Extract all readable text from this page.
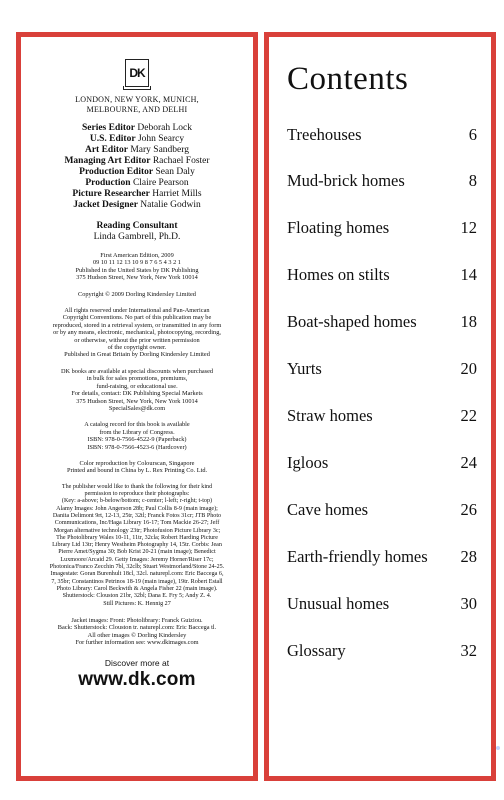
DK
LONDON, NEW YORK, MUNICH,
MELBOURNE, AND DELHI
Series Editor Deborah Lock
U.S. Editor John Searcy
Art Editor Mary Sandberg
Managing Art Editor Rachael Foster
Production Editor Sean Daly
Production Claire Pearson
Picture Researcher Harriet Mills
Jacket Designer Natalie Godwin
Reading Consultant
Linda Gambrell, Ph.D.
First American Edition, 2009
09 10 11 12 13 10 9 8 7 6 5 4 3 2 1
Published in the United States by DK Publishing
375 Hudson Street, New York, New York 10014
Copyright © 2009 Dorling Kindersley Limited
All rights reserved under International and Pan-American
Copyright Conventions. No part of this publication may be
reproduced, stored in a retrieval system, or transmitted in any form
or by any means, electronic, mechanical, photocopying, recording,
or otherwise, without the prior written permission
of the copyright owner.
Published in Great Britain by Dorling Kindersley Limited
DK books are available at special discounts when purchased
in bulk for sales promotions, premiums,
fund-raising, or educational use.
For details, contact: DK Publishing Special Markets
375 Hudson Street, New York, New York 10014
SpecialSales@dk.com
A catalog record for this book is available
from the Library of Congress.
ISBN: 978-0-7566-4522-9 (Paperback)
ISBN: 978-0-7566-4523-6 (Hardcover)
Color reproduction by Colourscan, Singapore
Printed and bound in China by L. Rex Printing Co. Ltd.
The publisher would like to thank the following for their kind
permission to reproduce their photographs:
(Key: a-above; b-below/bottom; c-center; l-left; r-right; t-top)
Alamy Images: John Angerson 28b; Paul Collis 8-9 (main image);
Danita Delimont 9rt, 12-13, 25tr, 32tl; Franck Fotos 31cr; JTB Photo
Communications, Inc/Haga Library 16-17; Tom Mackie 26-27; Jeff
Morgan alternative technology 23tr; Photofusion Picture Library 3c;
The Photolibrary Wales 10-11, 11tr, 32cla; Robert Harding Picture
Library Ltd 13tr; Henry Westheim Photography 14, 15tr. Corbis: Jean
Pierre Amet/Sygma 30; Bob Krist 20-21 (main image); Benedict
Luxmoore/Arcaid 29. Getty Images: Jeremy Horner/Riser 17c;
Photonica/Franco Zecchin 7bl, 32clb; Stuart Westmorland/Stone 24-25.
Imagestate: Goran Burenhult 18cl, 32cl. naturepl.com: Eric Baccega 6,
7, 35br; Constantinos Petrinos 18-19 (main image), 19tr. Robert Estall
Photo Library: Carol Beckwith & Angela Fisher 22 (main image).
Shutterstock: Clouston 21br, 32bl; Dana E. Fry 5; Andy Z. 4.
Still Pictures: K. Hennig 27
Jacket images: Front: Photolibrary: Franck Guiziou.
Back: Shutterstock: Clouston tr. naturepl.com: Eric Baccega tl.
All other images © Dorling Kindersley
For further information see: www.dkimages.com
Discover more at
www.dk.com
Contents
Treehouses	6
Mud-brick homes	8
Floating homes	12
Homes on stilts	14
Boat-shaped homes	18
Yurts	20
Straw homes	22
Igloos	24
Cave homes	26
Earth-friendly homes 28
Unusual homes	30
Glossary	32
